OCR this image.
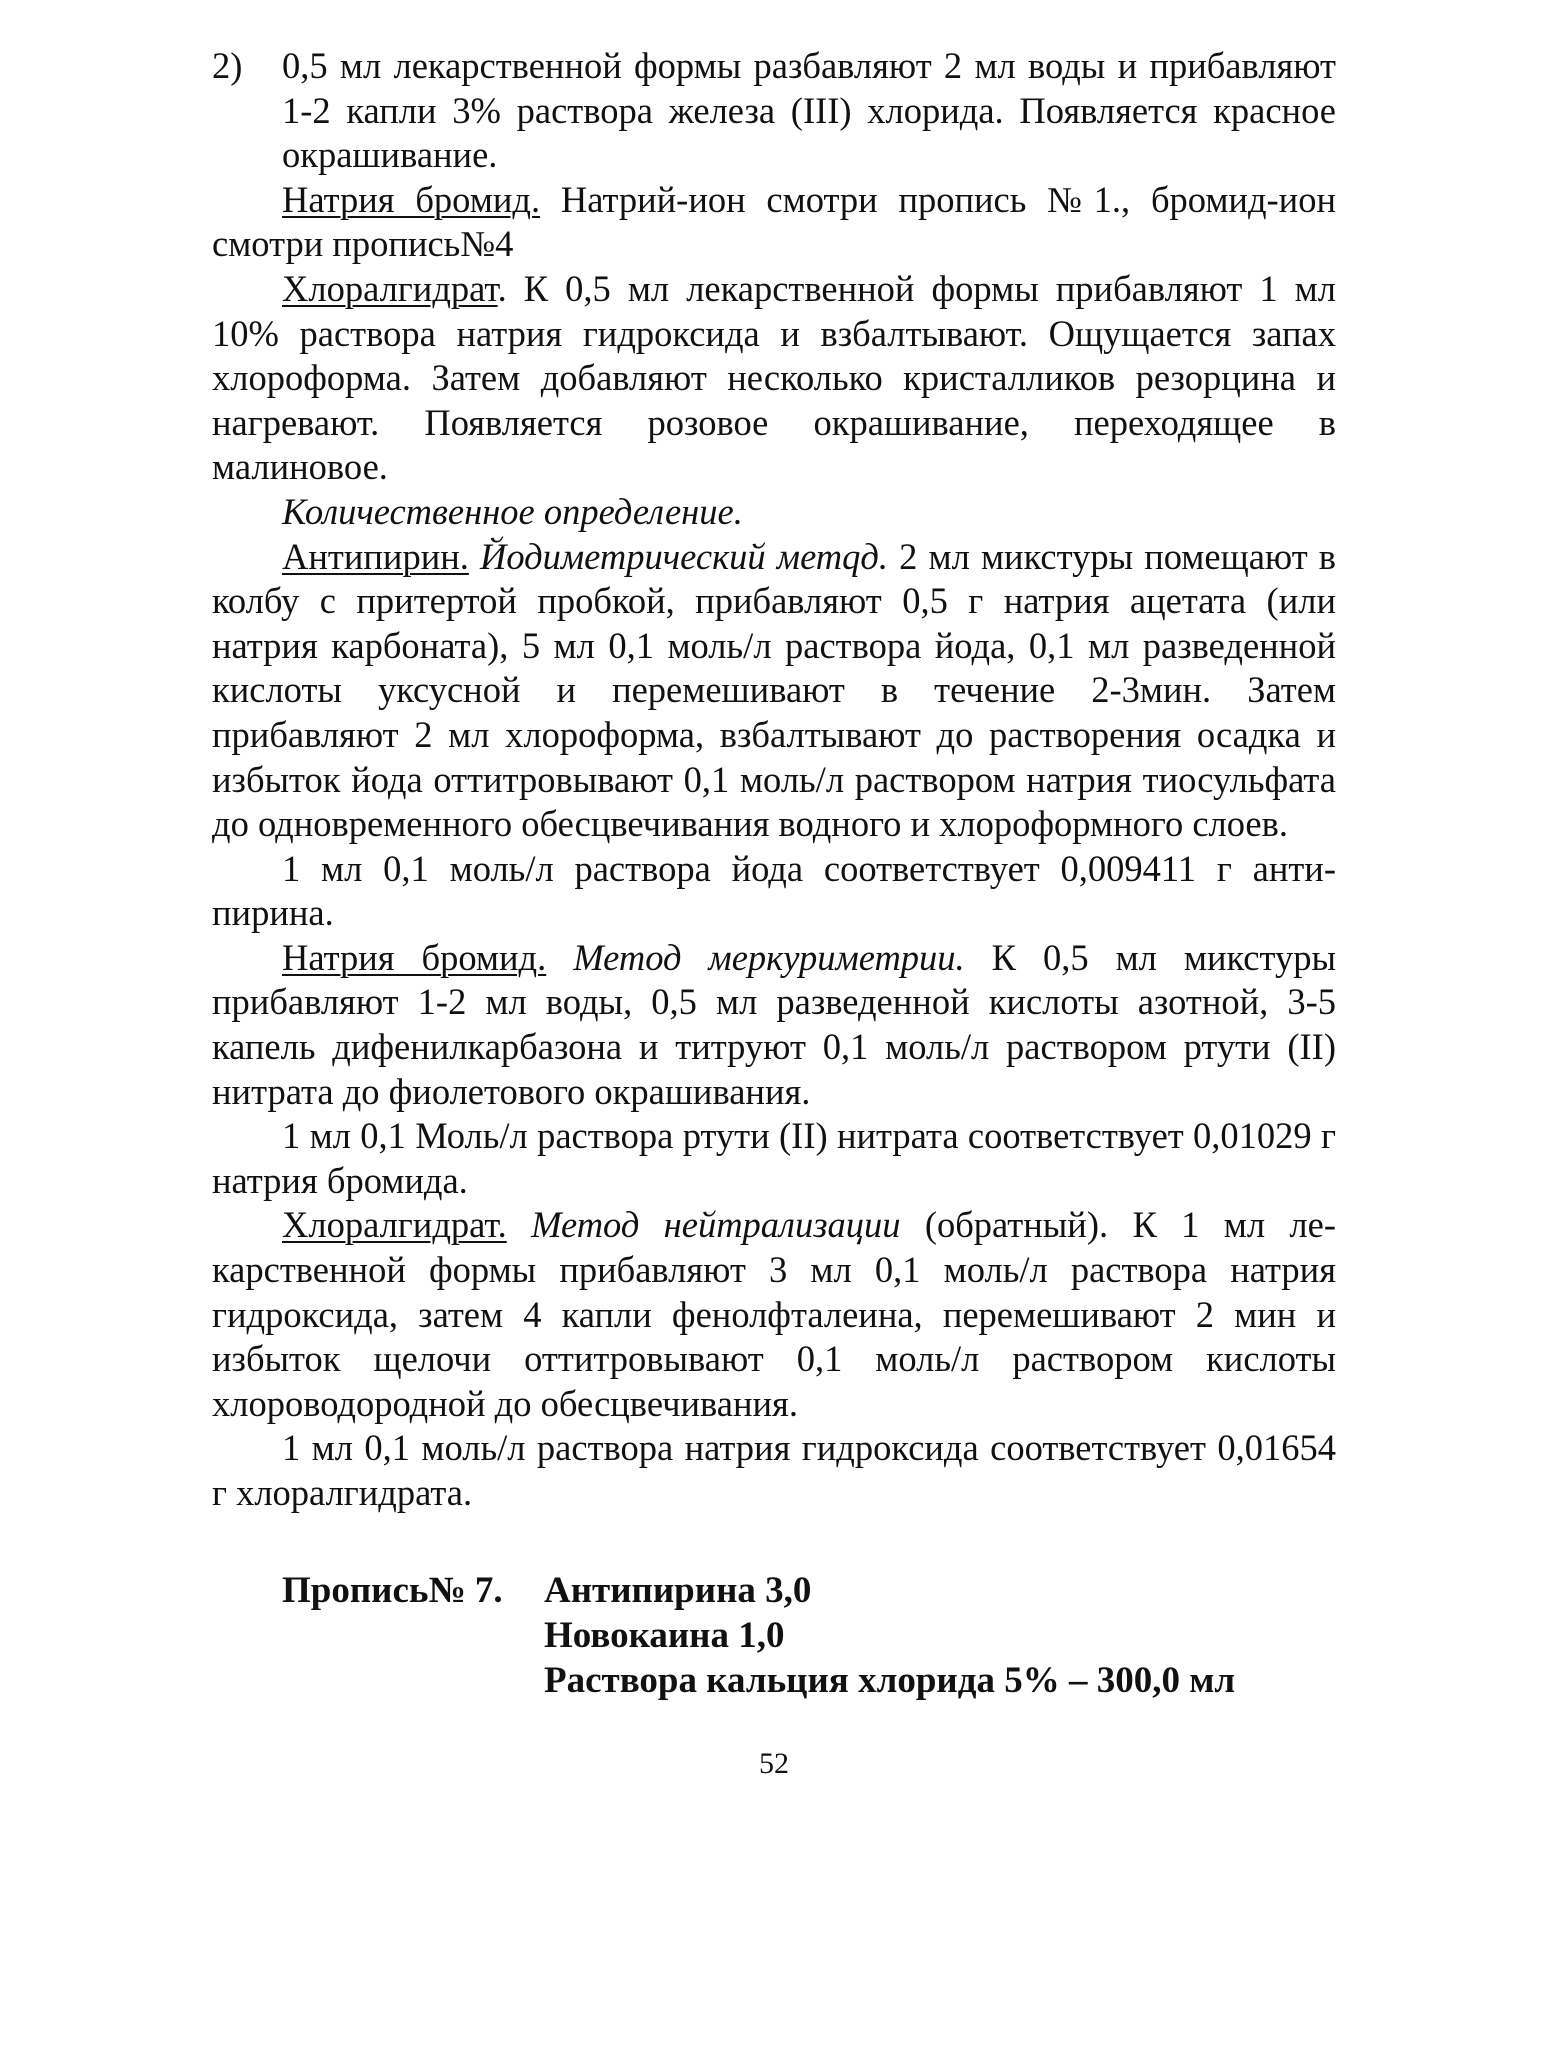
2) 0,5 мл лекарственной формы разбавляют 2 мл воды и прибавляют 1-2 капли 3% раствора железа (III) хлорида. Появляется красное окрашивание.

Натрия бромид. Натрий-ион смотри пропись №1., бромид-ион смотри пропись№4

Хлоралгидрат. К 0,5 мл лекарственной формы прибавляют 1 мл 10% раствора натрия гидроксида и взбалтывают. Ощущается запах хлороформа. Затем добавляют несколько кристалликов резорцина и нагревают. Появляется розовое окрашивание, переходящее в малиновое.

Количественное определение.

Антипирин. Йодиметрический метqд. 2 мл микстуры помещают в колбу с притертой пробкой, прибавляют 0,5 г натрия ацетата (или натрия карбоната), 5 мл 0,1 моль/л раствора йода, 0,1 мл разведенной кислоты уксусной и перемешивают в течение 2-3мин. Затем прибавляют 2 мл хлороформа, взбалтывают до растворения осадка и избыток йода оттитровывают 0,1 моль/л раствором натрия тиосульфата до одновременного обесцвечивания водного и хлороформного слоев.

1 мл 0,1 моль/л раствора йода соответствует 0,009411 г антипирина.

Натрия бромид. Метод меркуриметрии. К 0,5 мл микстуры прибавляют 1-2 мл воды, 0,5 мл разведенной кислоты азотной, 3-5 капель дифенилкарбазона и титруют 0,1 моль/л раствором ртути (II) нитрата до фиолетового окрашивания.

1 мл 0,1 Моль/л раствора ртути (II) нитрата соответствует 0,01029 г натрия бромида.

Хлоралгидрат. Метод нейтрализации (обратный). К 1 мл лекарственной формы прибавляют 3 мл 0,1 моль/л раствора натрия гидроксида, затем 4 капли фенолфталеина, перемешивают 2 мин и избыток щелочи оттитровывают 0,1 моль/л раствором кислоты хлороводородной до обесцвечивания.

1 мл 0,1 моль/л раствора натрия гидроксида соответствует 0,01654 г хлоралгидрата.

Пропись№ 7.	Антипирина 3,0
Новокаина 1,0
Раствора кальция хлорида 5% – 300,0 мл
52
